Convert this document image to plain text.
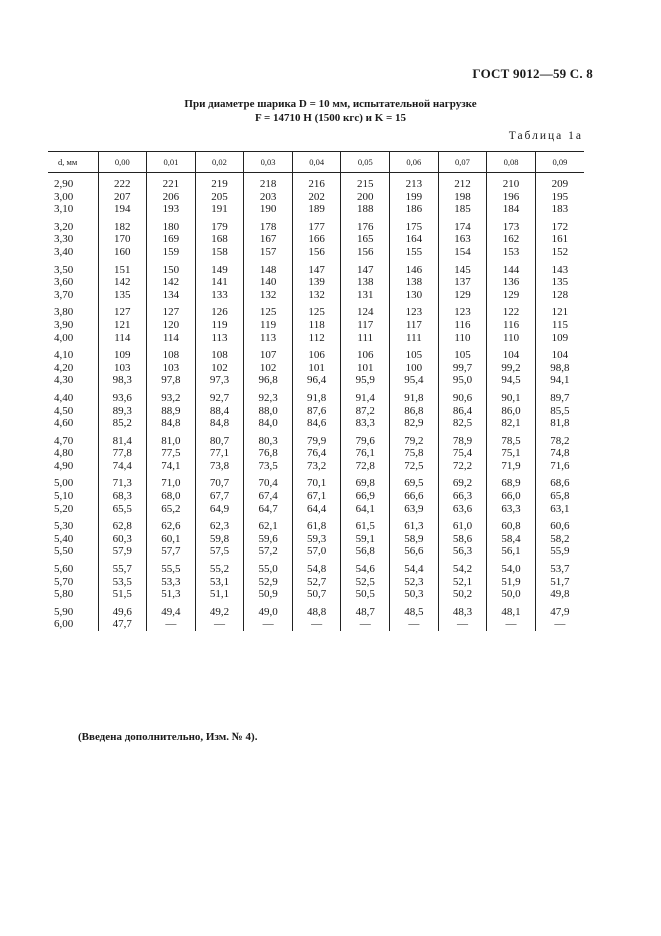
ГОСТ 9012—59 С. 8
При диаметре шарика D = 10 мм, испытательной нагрузке
F = 14710 Н (1500 кгс) и K = 15
Таблица 1а
d, мм	0,00	0,01	0,02	0,03	0,04	0,05	0,06	0,07	0,08	0,09
2,90	222	221	219	218	216	215	213	212	210	209
3,00	207	206	205	203	202	200	199	198	196	195
3,10	194	193	191	190	189	188	186	185	184	183
3,20	182	180	179	178	177	176	175	174	173	172
3,30	170	169	168	167	166	165	164	163	162	161
3,40	160	159	158	157	156	156	155	154	153	152
3,50	151	150	149	148	147	147	146	145	144	143
3,60	142	142	141	140	139	138	138	137	136	135
3,70	135	134	133	132	132	131	130	129	129	128
3,80	127	127	126	125	125	124	123	123	122	121
3,90	121	120	119	119	118	117	117	116	116	115
4,00	114	114	113	113	112	111	111	110	110	109
4,10	109	108	108	107	106	106	105	105	104	104
4,20	103	103	102	102	101	101	100	99,7	99,2	98,8
4,30	98,3	97,8	97,3	96,8	96,4	95,9	95,4	95,0	94,5	94,1
4,40	93,6	93,2	92,7	92,3	91,8	91,4	91,8	90,6	90,1	89,7
4,50	89,3	88,9	88,4	88,0	87,6	87,2	86,8	86,4	86,0	85,5
4,60	85,2	84,8	84,8	84,0	84,6	83,3	82,9	82,5	82,1	81,8
4,70	81,4	81,0	80,7	80,3	79,9	79,6	79,2	78,9	78,5	78,2
4,80	77,8	77,5	77,1	76,8	76,4	76,1	75,8	75,4	75,1	74,8
4,90	74,4	74,1	73,8	73,5	73,2	72,8	72,5	72,2	71,9	71,6
5,00	71,3	71,0	70,7	70,4	70,1	69,8	69,5	69,2	68,9	68,6
5,10	68,3	68,0	67,7	67,4	67,1	66,9	66,6	66,3	66,0	65,8
5,20	65,5	65,2	64,9	64,7	64,4	64,1	63,9	63,6	63,3	63,1
5,30	62,8	62,6	62,3	62,1	61,8	61,5	61,3	61,0	60,8	60,6
5,40	60,3	60,1	59,8	59,6	59,3	59,1	58,9	58,6	58,4	58,2
5,50	57,9	57,7	57,5	57,2	57,0	56,8	56,6	56,3	56,1	55,9
5,60	55,7	55,5	55,2	55,0	54,8	54,6	54,4	54,2	54,0	53,7
5,70	53,5	53,3	53,1	52,9	52,7	52,5	52,3	52,1	51,9	51,7
5,80	51,5	51,3	51,1	50,9	50,7	50,5	50,3	50,2	50,0	49,8
5,90	49,6	49,4	49,2	49,0	48,8	48,7	48,5	48,3	48,1	47,9
6,00	47,7	—	—	—	—	—	—	—	—	—
(Введена дополнительно, Изм. № 4).
